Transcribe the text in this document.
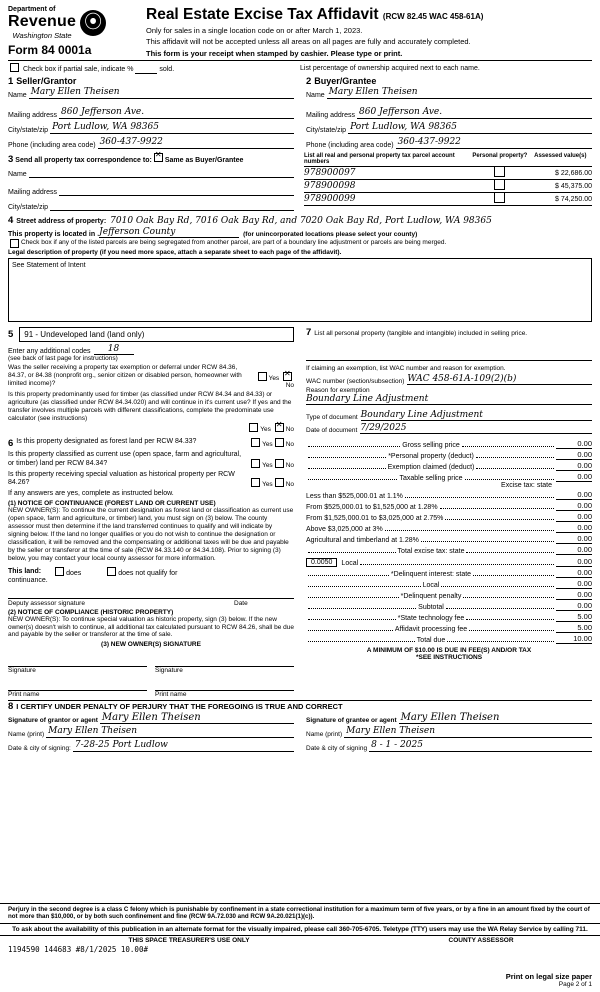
Department of
Revenue
Washington State
⦿
Form 84 0001a
Real Estate Excise Tax Affidavit (RCW 82.45 WAC 458-61A)

Only for sales in a single location code on or after March 1, 2023.

This affidavit will not be accepted unless all areas on all pages are fully and accurately completed.

This form is your receipt when stamped by cashier. Please type or print.

Check box if partial sale, indicate %	sold.	List percentage of ownership acquired next to each name.
1 Seller/Grantor
Name Mary Ellen Theisen
Mailing address 860 Jefferson Ave.
City/state/zip Port Ludlow, WA 98365
Phone (including area code) 360-437-9922
2 Buyer/Grantee
Name Mary Ellen Theisen
Mailing address 860 Jefferson Ave.
City/state/zip Port Ludlow, WA 98365
Phone (including area code) 360-437-9922
3 Send all property tax correspondence to: ✕ Same as Buyer/Grantee
Name
Mailing address
City/state/zip
List all real and personal property tax parcel account numbers
Personal property?	Assessed value(s)
978900097	$ 22,686.00
978900098	$ 45,375.00
978900099	$ 74,250.00
4 Street address of property: 7010 Oak Bay Rd, 7016 Oak Bay Rd, and 7020 Oak Bay Rd, Port Ludlow, WA 98365
This property is located in Jefferson County	(for unincorporated locations please select your county)
Check box if any of the listed parcels are being segregated from another parcel, are part of a boundary line adjustment or parcels are being merged.
Legal description of property (if you need more space, attach a separate sheet to each page of the affidavit).
See Statement of Intent
5 91 - Undeveloped land (land only)
Enter any additional codes	18
(see back of last page for instructions)
Was the seller receiving a property tax exemption or deferral under RCW 84.36, 84.37, or 84.38 (nonprofit org., senior citizen or disabled person, homeowner with limited income)?
Yes ✕No
Is this property predominantly used for timber (as classified under RCW 84.34 and 84.33) or agriculture (as classified under RCW 84.34.020) and will continue in it's current use? If yes and the transfer involves multiple parcels with different classifications, complete the predominate use calculator (see instructions)
Yes ✕ No
7 List all personal property (tangible and intangible) included in selling price.
If claiming an exemption, list WAC number and reason for exemption.
WAC number (section/subsection) WAC 458-61A-109(2)(b)
Reason for exemption
Boundary Line Adjustment
Type of document Boundary Line Adjustment
Date of document 7/29/2025
6 Is this property designated as forest land per RCW 84.33?	Yes No
Is this property classified as current use (open space, farm and agricultural, or timber) land per RCW 84.34?	Yes No
Is this property receiving special valuation as historical property per RCW 84.26?	Yes No
If any answers are yes, complete as instructed below.
(1) NOTICE OF CONTINUANCE (FOREST LAND OR CURRENT USE)
NEW OWNER(S): To continue the current designation as forest land or classification as current use (open space, farm and agriculture, or timber) land, you must sign on (3) below. The county assessor must then determine if the land transferred continues to qualify and will indicate by signing below. If the land no longer qualifies or you do not wish to continue the designation or classification, it will be removed and the compensating or additional taxes will be due and payable by the seller or transferor at the time of sale (RCW 84.33.140 or 84.34.108). Prior to signing (3) below, you may contact your local county assessor for more information.
This land:	does	does not qualify for
continuance.
Deputy assessor signature	Date
(2) NOTICE OF COMPLIANCE (HISTORIC PROPERTY)
NEW OWNER(S): To continue special valuation as historic property, sign (3) below. If the new owner(s) doesn't wish to continue, all additional tax calculated pursuant to RCW 84.26, shall be due and payable by the seller or transferor at the time of sale.
(3) NEW OWNER(S) SIGNATURE
Signature	Signature
Print name	Print name
Gross selling price	0.00
*Personal property (deduct)	0.00
Exemption claimed (deduct)	0.00
Taxable selling price	0.00
Excise tax: state
Less than $525,000.01 at 1.1%	0.00
From $525,000.01 to $1,525,000 at 1.28%	0.00
From $1,525,000.01 to $3,025,000 at 2.75%	0.00
Above $3,025,000 at 3%	0.00
Agricultural and timberland at 1.28%	0.00
Total excise tax: state	0.00
0.0050	Local	0.00
*Delinquent interest: state	0.00
Local	0.00
*Delinquent penalty	0.00
Subtotal	0.00
*State technology fee	5.00
Affidavit processing fee	5.00
Total due	10.00
A MINIMUM OF $10.00 IS DUE IN FEE(S) AND/OR TAX
*SEE INSTRUCTIONS
8 I CERTIFY UNDER PENALTY OF PERJURY THAT THE FOREGOING IS TRUE AND CORRECT
Signature of grantor or agent Mary Ellen Theisen
Name (print) Mary Ellen Theisen
Date & city of signing: 7-28-25 Port Ludlow
Signature of grantee or agent Mary Ellen Theisen
Name (print) Mary Ellen Theisen
Date & city of signing 8 - 1 - 2025
Perjury in the second degree is a class C felony which is punishable by confinement in a state correctional institution for a maximum term of five years, or by a fine in an amount fixed by the court of not more than $10,000, or by both such confinement and fine (RCW 9A.72.030 and RCW 9A.20.021(1)(c)).
To ask about the availability of this publication in an alternate format for the visually impaired, please call 360-705-6705. Teletype (TTY) users may use the WA Relay Service by calling 711.
THIS SPACE TREASURER'S USE ONLY	COUNTY ASSESSOR
1194590 144683 #8/1/2025 10.00#
Print on legal size paper
Page 2 of 1
